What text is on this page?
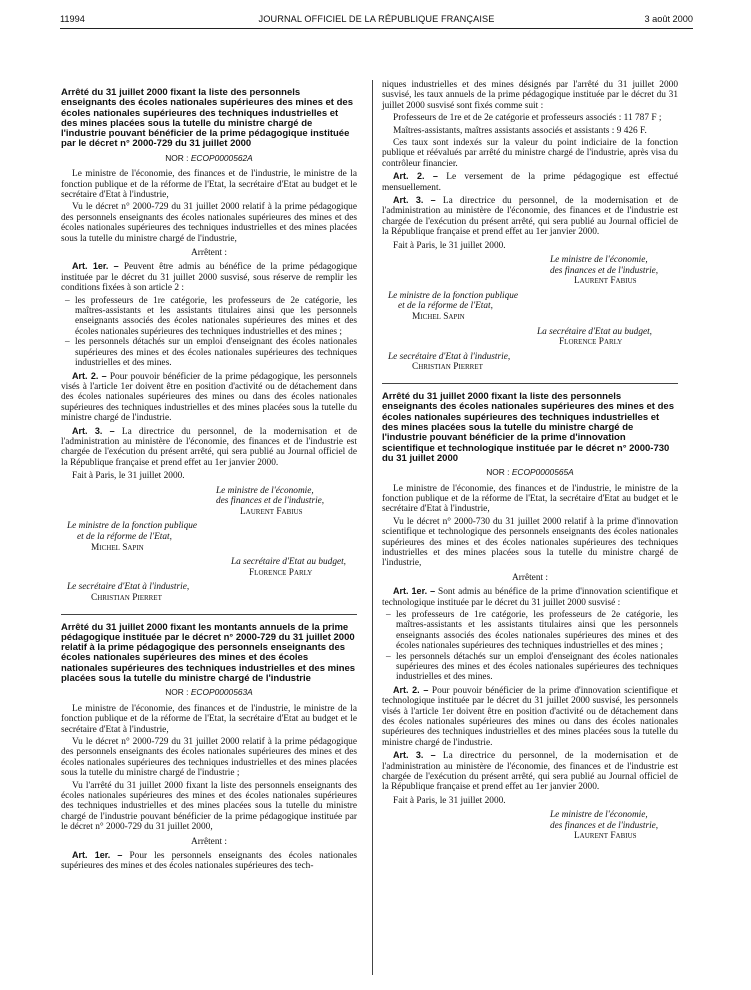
11994	JOURNAL OFFICIEL DE LA RÉPUBLIQUE FRANÇAISE	3 août 2000
Arrêté du 31 juillet 2000 fixant la liste des personnels enseignants des écoles nationales supérieures des mines et des écoles nationales supérieures des techniques industrielles et des mines placées sous la tutelle du ministre chargé de l'industrie pouvant bénéficier de la prime pédagogique instituée par le décret n° 2000-729 du 31 juillet 2000
NOR : ECOP0000562A

Le ministre de l'économie, des finances et de l'industrie, le ministre de la fonction publique et de la réforme de l'Etat, la secrétaire d'Etat au budget et le secrétaire d'Etat à l'industrie,

Vu le décret n° 2000-729 du 31 juillet 2000 relatif à la prime pédagogique des personnels enseignants des écoles nationales supérieures des mines et des écoles nationales supérieures des techniques industrielles et des mines placées sous la tutelle du ministre chargé de l'industrie,

Arrêtent :

Art. 1er. – Peuvent être admis au bénéfice de la prime pédagogique instituée par le décret du 31 juillet 2000 susvisé, sous réserve de remplir les conditions fixées à son article 2 :

– les professeurs de 1re catégorie, les professeurs de 2e catégorie, les maîtres-assistants et les assistants titulaires ainsi que les personnels enseignants associés des écoles nationales supérieures des mines et des écoles nationales supérieures des techniques industrielles et des mines ;
– les personnels détachés sur un emploi d'enseignant des écoles nationales supérieures des mines et des écoles nationales supérieures des techniques industrielles et des mines.

Art. 2. – Pour pouvoir bénéficier de la prime pédagogique, les personnels visés à l'article 1er doivent être en position d'activité ou de détachement dans des écoles nationales supérieures des mines ou dans des écoles nationales supérieures des techniques industrielles et des mines placées sous la tutelle du ministre chargé de l'industrie.

Art. 3. – La directrice du personnel, de la modernisation et de l'administration au ministère de l'économie, des finances et de l'industrie est chargée de l'exécution du présent arrêté, qui sera publié au Journal officiel de la République française et prend effet au 1er janvier 2000.

Fait à Paris, le 31 juillet 2000.

Le ministre de l'économie,
des finances et de l'industrie,
Laurent Fabius
Le ministre de la fonction publique
et de la réforme de l'Etat,
Michel Sapin
La secrétaire d'Etat au budget,
Florence Parly
Le secrétaire d'Etat à l'industrie,
Christian Pierret
Arrêté du 31 juillet 2000 fixant les montants annuels de la prime pédagogique instituée par le décret n° 2000-729 du 31 juillet 2000 relatif à la prime pédagogique des personnels enseignants des écoles nationales supérieures des mines et des écoles nationales supérieures des techniques industrielles et des mines placées sous la tutelle du ministre chargé de l'industrie
NOR : ECOP0000563A

Le ministre de l'économie, des finances et de l'industrie, le ministre de la fonction publique et de la réforme de l'Etat, la secrétaire d'Etat au budget et le secrétaire d'Etat à l'industrie,

Vu le décret n° 2000-729 du 31 juillet 2000 relatif à la prime pédagogique des personnels enseignants des écoles nationales supérieures des mines et des écoles nationales supérieures des techniques industrielles et des mines placées sous la tutelle du ministre chargé de l'industrie ;

Vu l'arrêté du 31 juillet 2000 fixant la liste des personnels enseignants des écoles nationales supérieures des mines et des écoles nationales supérieures des techniques industrielles et des mines placées sous la tutelle du ministre chargé de l'industrie pouvant bénéficier de la prime pédagogique instituée par le décret n° 2000-729 du 31 juillet 2000,

Arrêtent :

Art. 1er. – Pour les personnels enseignants des écoles nationales supérieures des mines et des écoles nationales supérieures des tech-

niques industrielles et des mines désignés par l'arrêté du 31 juillet 2000 susvisé, les taux annuels de la prime pédagogique instituée par le décret du 31 juillet 2000 susvisé sont fixés comme suit :

Professeurs de 1re et de 2e catégorie et professeurs associés : 11 787 F ;

Maîtres-assistants, maîtres assistants associés et assistants : 9 426 F.

Ces taux sont indexés sur la valeur du point indiciaire de la fonction publique et réévalués par arrêté du ministre chargé de l'industrie, après visa du contrôleur financier.

Art. 2. – Le versement de la prime pédagogique est effectué mensuellement.

Art. 3. – La directrice du personnel, de la modernisation et de l'administration au ministère de l'économie, des finances et de l'industrie est chargée de l'exécution du présent arrêté, qui sera publié au Journal officiel de la République française et prend effet au 1er janvier 2000.

Fait à Paris, le 31 juillet 2000.

Le ministre de l'économie,
des finances et de l'industrie,
Laurent Fabius
Le ministre de la fonction publique
et de la réforme de l'Etat,
Michel Sapin
La secrétaire d'Etat au budget,
Florence Parly
Le secrétaire d'Etat à l'industrie,
Christian Pierret
Arrêté du 31 juillet 2000 fixant la liste des personnels enseignants des écoles nationales supérieures des mines et des écoles nationales supérieures des techniques industrielles et des mines placées sous la tutelle du ministre chargé de l'industrie pouvant bénéficier de la prime d'innovation scientifique et technologique instituée par le décret n° 2000-730 du 31 juillet 2000
NOR : ECOP0000565A

Le ministre de l'économie, des finances et de l'industrie, le ministre de la fonction publique et de la réforme de l'Etat, la secrétaire d'Etat au budget et le secrétaire d'Etat à l'industrie,

Vu le décret n° 2000-730 du 31 juillet 2000 relatif à la prime d'innovation scientifique et technologique des personnels enseignants des écoles nationales supérieures des mines et des écoles nationales supérieures des techniques industrielles et des mines placées sous la tutelle du ministre chargé de l'industrie,

Arrêtent :

Art. 1er. – Sont admis au bénéfice de la prime d'innovation scientifique et technologique instituée par le décret du 31 juillet 2000 susvisé :

– les professeurs de 1re catégorie, les professeurs de 2e catégorie, les maîtres-assistants et les assistants titulaires ainsi que les personnels enseignants associés des écoles nationales supérieures des mines et des écoles nationales supérieures des techniques industrielles et des mines ;
– les personnels détachés sur un emploi d'enseignant des écoles nationales supérieures des mines et des écoles nationales supérieures des techniques industrielles et des mines.

Art. 2. – Pour pouvoir bénéficier de la prime d'innovation scientifique et technologique instituée par le décret du 31 juillet 2000 susvisé, les personnels visés à l'article 1er doivent être en position d'activité ou de détachement dans des écoles nationales supérieures des mines ou dans des écoles nationales supérieures des techniques industrielles et des mines placées sous la tutelle du ministre chargé de l'industrie.

Art. 3. – La directrice du personnel, de la modernisation et de l'administration au ministère de l'économie, des finances et de l'industrie est chargée de l'exécution du présent arrêté, qui sera publié au Journal officiel de la République française et prend effet au 1er janvier 2000.

Fait à Paris, le 31 juillet 2000.

Le ministre de l'économie,
des finances et de l'industrie,
Laurent Fabius
